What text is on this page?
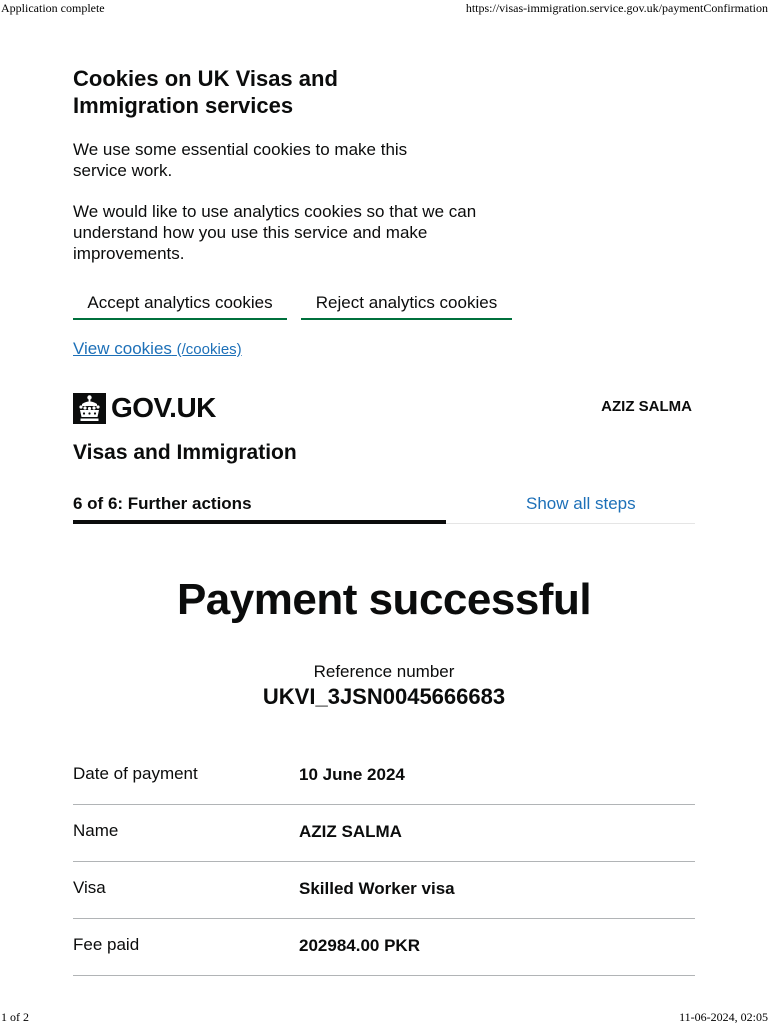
Application complete	https://visas-immigration.service.gov.uk/paymentConfirmation
Cookies on UK Visas and Immigration services

We use some essential cookies to make this service work.

We would like to use analytics cookies so that we can understand how you use this service and make improvements.

Accept analytics cookies	Reject analytics cookies
View cookies (/cookies)
GOV.UK	AZIZ SALMA
Visas and Immigration
6 of 6: Further actions	Show all steps
Payment successful
Reference number
UKVI_3JSN0045666683
Date of payment	10 June 2024
Name	AZIZ SALMA
Visa	Skilled Worker visa
Fee paid	202984.00 PKR
1 of 2	11-06-2024, 02:05
